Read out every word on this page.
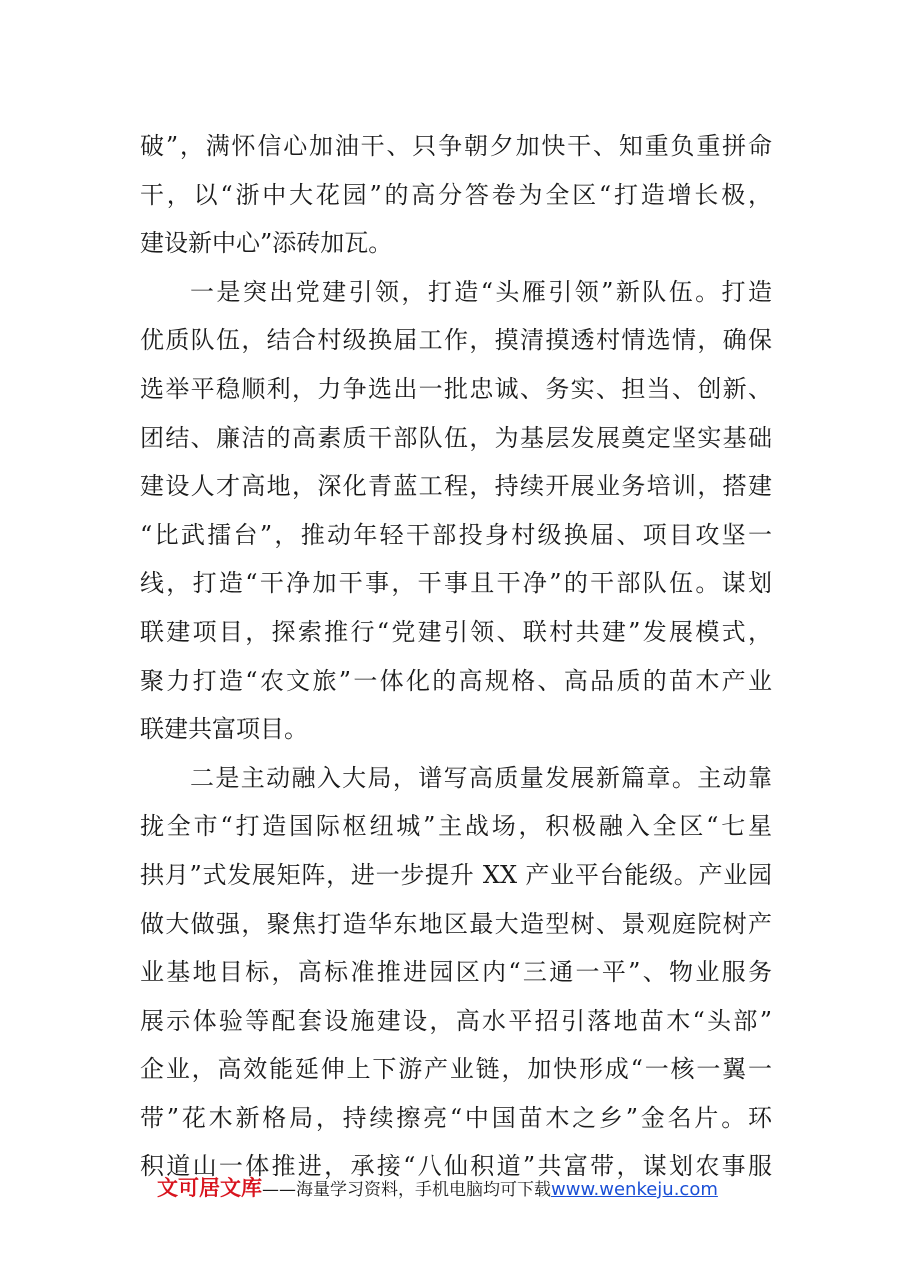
破”，满怀信心加油干、只争朝夕加快干、知重负重拼命
干，以“浙中大花园”的高分答卷为全区“打造增长极，
建设新中心”添砖加瓦。
一是突出党建引领，打造“头雁引领”新队伍。打造
优质队伍，结合村级换届工作，摸清摸透村情选情，确保
选举平稳顺利，力争选出一批忠诚、务实、担当、创新、
团结、廉洁的高素质干部队伍，为基层发展奠定坚实基础
建设人才高地，深化青蓝工程，持续开展业务培训，搭建
“比武擂台”，推动年轻干部投身村级换届、项目攻坚一
线，打造“干净加干事，干事且干净”的干部队伍。谋划
联建项目，探索推行“党建引领、联村共建”发展模式，
聚力打造“农文旅”一体化的高规格、高品质的苗木产业
联建共富项目。
二是主动融入大局，谱写高质量发展新篇章。主动靠
拢全市“打造国际枢纽城”主战场，积极融入全区“七星
拱月”式发展矩阵，进一步提升 XX 产业平台能级。产业园
做大做强，聚焦打造华东地区最大造型树、景观庭院树产
业基地目标，高标准推进园区内“三通一平”、物业服务
展示体验等配套设施建设，高水平招引落地苗木“头部”
企业，高效能延伸上下游产业链，加快形成“一核一翼一
带”花木新格局，持续擦亮“中国苗木之乡”金名片。环
积道山一体推进，承接“八仙积道”共富带，谋划农事服
文可居文库——海量学习资料，手机电脑均可下载www.wenkeju.com
